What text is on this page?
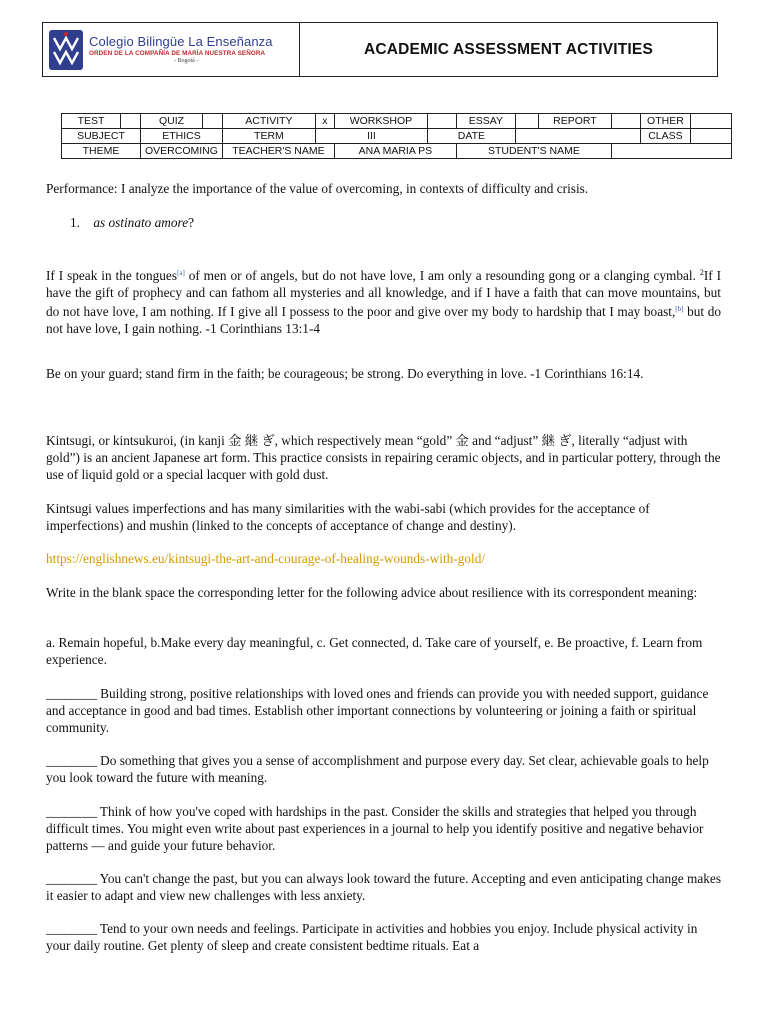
Colegio Bilingüe La Enseñanza
ORDEN DE LA COMPAÑÍA DE MARÍA NUESTRA SEÑORA
- Bogotá -
ACADEMIC ASSESSMENT ACTIVITIES
TEST		QUIZ		ACTIVITY	x	WORKSHOP		ESSAY		REPORT		OTHER	
SUBJECT		ETHICS		TERM	III		DATE					CLASS	
THEME		OVERCOMING		TEACHER'S NAME		ANA MARIA PS		STUDENT'S NAME					
Performance: I analyze the importance of the value of overcoming, in contexts of difficulty and crisis.
1. as ostinato amore?
If I speak in the tongues[a] of men or of angels, but do not have love, I am only a resounding gong or a clanging cymbal. $^2$If I have the gift of prophecy and can fathom all mysteries and all knowledge, and if I have a faith that can move mountains, but do not have love, I am nothing. If I give all I possess to the poor and give over my body to hardship that I may boast,[b] but do not have love, I gain nothing. -1 Corinthians 13:1-4
Be on your guard; stand firm in the faith; be courageous; be strong. Do everything in love. -1 Corinthians 16:14.
Kintsugi, or kintsukuroi, (in kanji 金 継 ぎ, which respectively mean “gold” 金 and “adjust” 継 ぎ, literally “adjust with gold”) is an ancient Japanese art form. This practice consists in repairing ceramic objects, and in particular pottery, through the use of liquid gold or a special lacquer with gold dust.
Kintsugi values imperfections and has many similarities with the wabi-sabi (which provides for the acceptance of imperfections) and mushin (linked to the concepts of acceptance of change and destiny).
https://englishnews.eu/kintsugi-the-art-and-courage-of-healing-wounds-with-gold/
Write in the blank space the corresponding letter for the following advice about resilience with its correspondent meaning:
a. Remain hopeful, b.Make every day meaningful, c. Get connected, d. Take care of yourself, e. Be proactive, f. Learn from experience.
________ Building strong, positive relationships with loved ones and friends can provide you with needed support, guidance and acceptance in good and bad times. Establish other important connections by volunteering or joining a faith or spiritual community.
________ Do something that gives you a sense of accomplishment and purpose every day. Set clear, achievable goals to help you look toward the future with meaning.
________ Think of how you've coped with hardships in the past. Consider the skills and strategies that helped you through difficult times. You might even write about past experiences in a journal to help you identify positive and negative behavior patterns — and guide your future behavior.
________ You can't change the past, but you can always look toward the future. Accepting and even anticipating change makes it easier to adapt and view new challenges with less anxiety.
________ Tend to your own needs and feelings. Participate in activities and hobbies you enjoy. Include physical activity in your daily routine. Get plenty of sleep and create consistent bedtime rituals. Eat a
